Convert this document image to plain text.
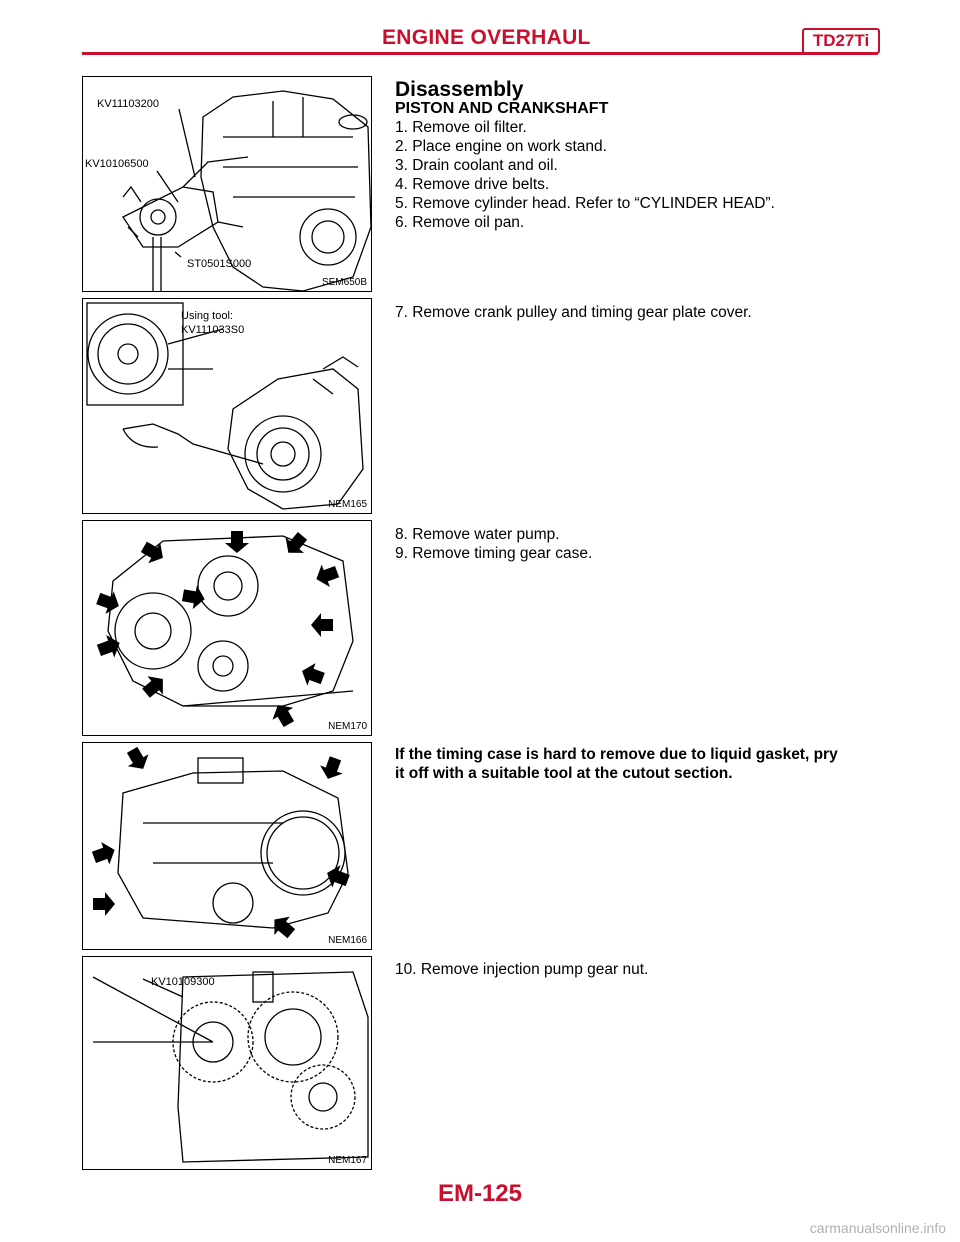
ENGINE OVERHAUL	TD27Ti
KV11103200
KV10106500
ST0501S000
SEM650B
Using tool:
KV111033S0
NEM165
NEM170
NEM166
KV10109300
NEM167

Disassembly

PISTON AND CRANKSHAFT

1. Remove oil filter.

2. Place engine on work stand.

3. Drain coolant and oil.

4. Remove drive belts.

5. Remove cylinder head. Refer to “CYLINDER HEAD”.

6. Remove oil pan.

7. Remove crank pulley and timing gear plate cover.

8. Remove water pump.

9. Remove timing gear case.

If the timing case is hard to remove due to liquid gasket, pry

it off with a suitable tool at the cutout section.

10. Remove injection pump gear nut.

EM-125
carmanualsonline.info
